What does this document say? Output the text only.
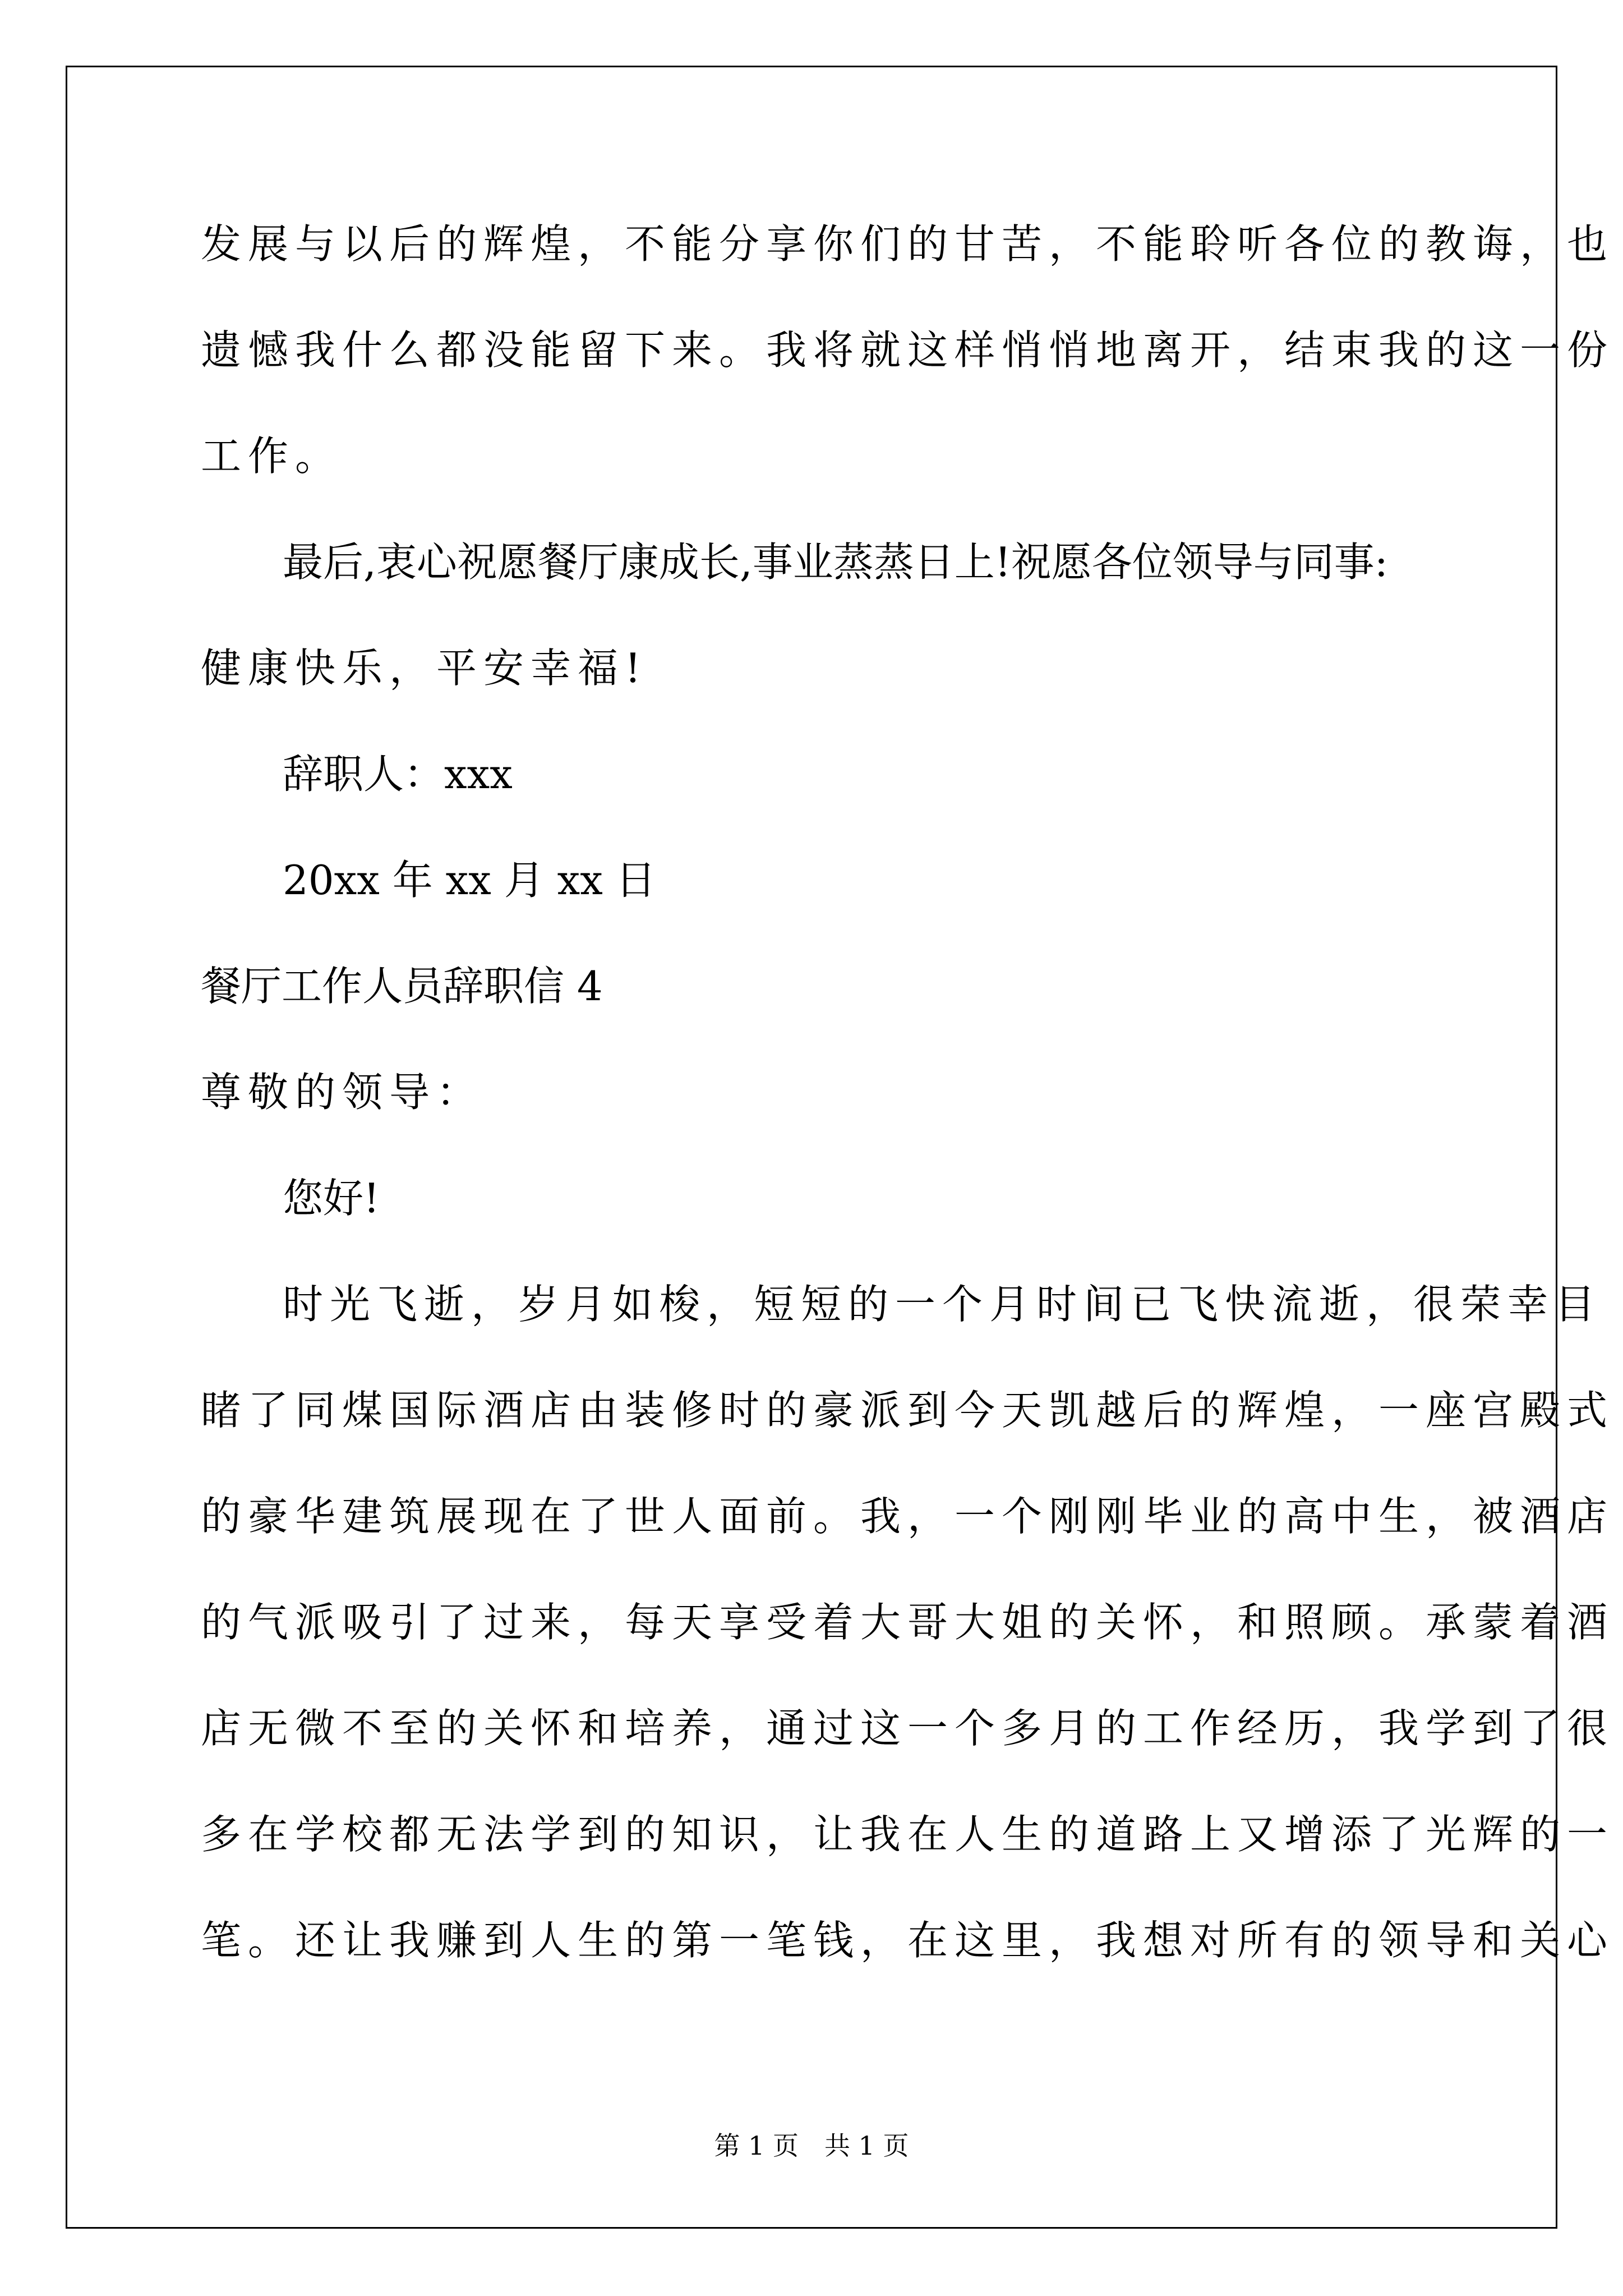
发展与以后的辉煌，不能分享你们的甘苦，不能聆听各位的教诲，也
遗憾我什么都没能留下来。我将就这样悄悄地离开，结束我的这一份
工作。
最后,衷心祝愿餐厅康成长,事业蒸蒸日上!祝愿各位领导与同事:
健康快乐，平安幸福!
辞职人：xxx
20xx 年 xx 月 xx 日
餐厅工作人员辞职信 4
尊敬的领导：
您好!
时光飞逝，岁月如梭，短短的一个月时间已飞快流逝，很荣幸目
睹了同煤国际酒店由装修时的豪派到今天凯越后的辉煌，一座宫殿式
的豪华建筑展现在了世人面前。我，一个刚刚毕业的高中生，被酒店
的气派吸引了过来，每天享受着大哥大姐的关怀，和照顾。承蒙着酒
店无微不至的关怀和培养，通过这一个多月的工作经历，我学到了很
多在学校都无法学到的知识，让我在人生的道路上又增添了光辉的一
笔。还让我赚到人生的第一笔钱，在这里，我想对所有的领导和关心
第 1 页 共 1 页
